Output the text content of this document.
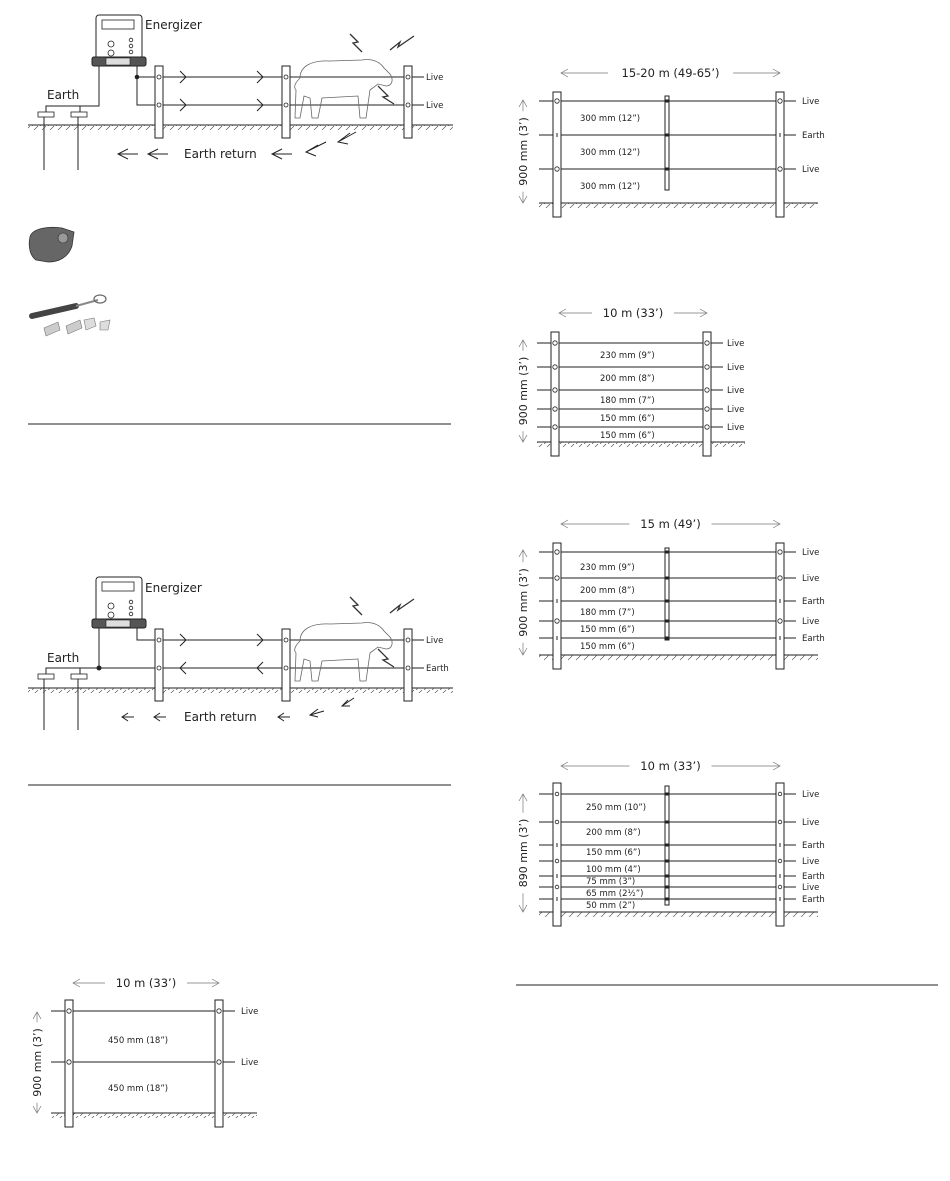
Energizer
Earth
Live
Live
Earth return
Energizer
Earth
Live
Earth
Earth return
Live
Earth
Live
300 mm (12”)
300 mm (12”)
300 mm (12”)
15-20 m (49-65’)
900 mm (3’)
Live
Live
Live
Live
Live
230 mm (9”)
200 mm (8”)
180 mm (7”)
150 mm (6”)
150 mm (6”)
10 m (33’)
900 mm (3’)
Live
Live
Earth
Live
Earth
230 mm (9”)
200 mm (8”)
180 mm (7”)
150 mm (6”)
150 mm (6”)
15 m (49’)
900 mm (3’)
Live
Live
Earth
Live
Earth
Live
Earth
250 mm (10”)
200 mm (8”)
150 mm (6”)
100 mm (4”)
75 mm (3”)
65 mm (2½”)
50 mm (2”)
10 m (33’)
890 mm (3’)
Live
Live
450 mm (18”)
450 mm (18”)
10 m (33’)
900 mm (3’)
